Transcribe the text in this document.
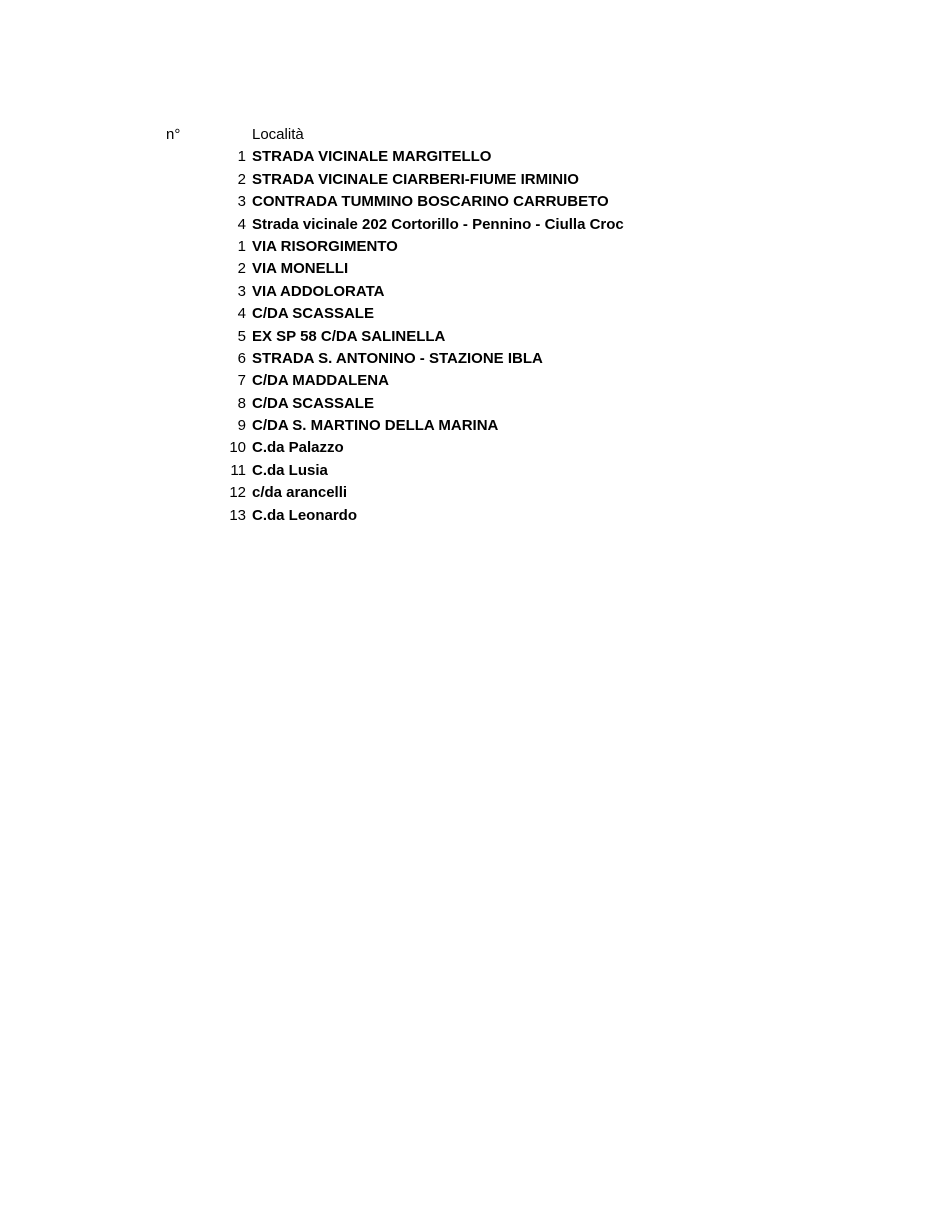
n°	Località
1 STRADA VICINALE MARGITELLO
2 STRADA VICINALE CIARBERI-FIUME IRMINIO
3 CONTRADA TUMMINO BOSCARINO CARRUBETO
4 Strada vicinale 202 Cortorillo - Pennino - Ciulla Croc
1 VIA RISORGIMENTO
2 VIA MONELLI
3 VIA ADDOLORATA
4 C/DA SCASSALE
5 EX SP 58 C/DA SALINELLA
6 STRADA S. ANTONINO - STAZIONE IBLA
7 C/DA MADDALENA
8 C/DA SCASSALE
9 C/DA S. MARTINO DELLA MARINA
10 C.da Palazzo
11 C.da Lusia
12 c/da arancelli
13 C.da Leonardo
